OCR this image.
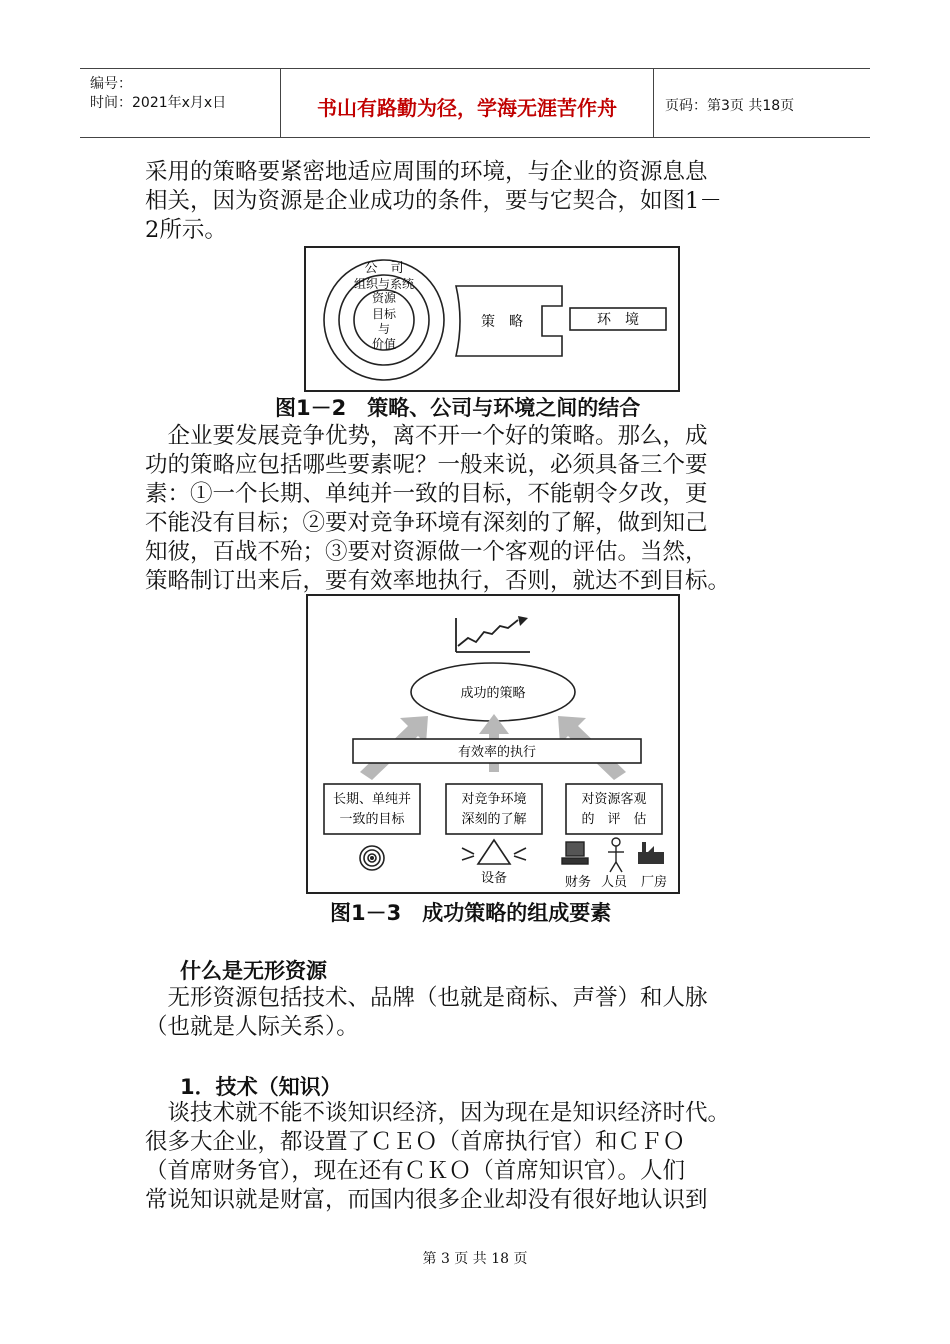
编号：
时间：2021年x月x日	书山有路勤为径，学海无涯苦作舟	页码：第3页 共18页
采用的策略要紧密地适应周围的环境，与企业的资源息息
相关，因为资源是企业成功的条件，要与它契合，如图1－
2所示。
公　司
组织与系统
资源
目标
与
价值
策　略	环　境
图1－2　策略、公司与环境之间的结合
　企业要发展竞争优势，离不开一个好的策略。那么，成
功的策略应包括哪些要素呢？一般来说，必须具备三个要
素：①一个长期、单纯并一致的目标，不能朝令夕改，更
不能没有目标；②要对竞争环境有深刻的了解，做到知己
知彼，百战不殆；③要对资源做一个客观的评估。当然，
策略制订出来后，要有效率地执行，否则，就达不到目标。
成功的策略
有效率的执行
长期、单纯并
一致的目标
对竞争环境
深刻的了解
对资源客观
的　评　估
设备	财务 人员 厂房
图1－3　成功策略的组成要素
什么是无形资源
　无形资源包括技术、品牌（也就是商标、声誉）和人脉
（也就是人际关系）。
1．技术（知识）
　谈技术就不能不谈知识经济，因为现在是知识经济时代。
很多大企业，都设置了ＣＥＯ（首席执行官）和ＣＦＯ
（首席财务官），现在还有ＣＫＯ（首席知识官）。人们
常说知识就是财富，而国内很多企业却没有很好地认识到
第 3 页 共 18 页
